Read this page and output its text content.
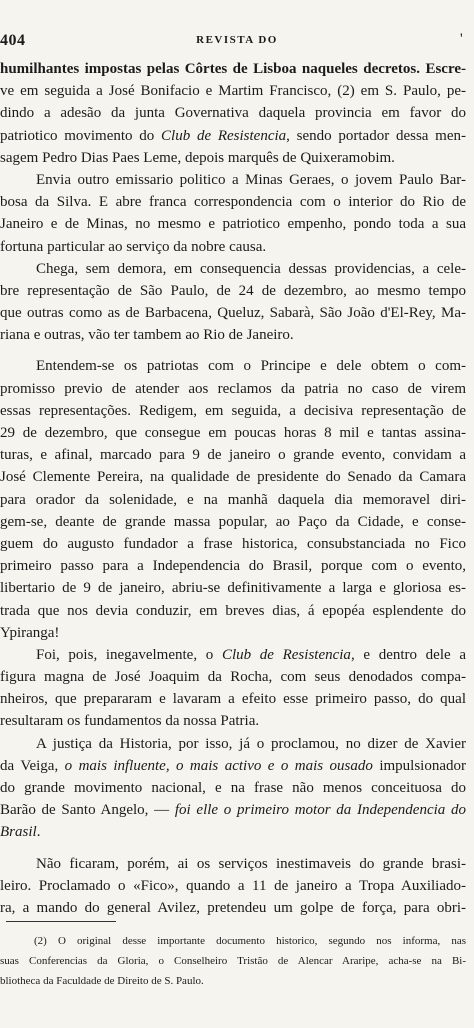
404	REVISTA DO	'
humilhantes impostas pelas Côrtes de Lisboa naqueles decretos. Escre-
ve em seguida a José Bonifacio e Martim Francisco, (2) em S. Paulo, pe-
dindo a adesão da junta Governativa daquela provincia em favor do
patriotico movimento do Club de Resistencia, sendo portador dessa men-
sagem Pedro Dias Paes Leme, depois marquês de Quixeramobim.
Envia outro emissario politico a Minas Geraes, o jovem Paulo Bar-
bosa da Silva. E abre franca correspondencia com o interior do Rio de
Janeiro e de Minas, no mesmo e patriotico empenho, pondo toda a sua
fortuna particular ao serviço da nobre causa.
Chega, sem demora, em consequencia dessas providencias, a cele-
bre representação de São Paulo, de 24 de dezembro, ao mesmo tempo
que outras como as de Barbacena, Queluz, Sabarà, São João d'El-Rey, Ma-
riana e outras, vão ter tambem ao Rio de Janeiro.
Entendem-se os patriotas com o Principe e dele obtem o com-
promisso previo de atender aos reclamos da patria no caso de virem
essas representações. Redigem, em seguida, a decisiva representação de
29 de dezembro, que consegue em poucas horas 8 mil e tantas assina-
turas, e afinal, marcado para 9 de janeiro o grande evento, convidam a
José Clemente Pereira, na qualidade de presidente do Senado da Camara
para orador da solenidade, e na manhã daquela dia memoravel diri-
gem-se, deante de grande massa popular, ao Paço da Cidade, e conse-
guem do augusto fundador a frase historica, consubstanciada no Fico
primeiro passo para a Independencia do Brasil, porque com o evento,
libertario de 9 de janeiro, abriu-se definitivamente a larga e gloriosa es-
trada que nos devia conduzir, em breves dias, á epopéa esplendente do
Ypiranga!
Foi, pois, inegavelmente, o Club de Resistencia, e dentro dele a
figura magna de José Joaquim da Rocha, com seus denodados compa-
nheiros, que prepararam e lavaram a efeito esse primeiro passo, do qual
resultaram os fundamentos da nossa Patria.
A justiça da Historia, por isso, já o proclamou, no dizer de Xavier
da Veiga, o mais influente, o mais activo e o mais ousado impulsionador
do grande movimento nacional, e na frase não menos conceituosa do
Barão de Santo Angelo, — foi elle o primeiro motor da Independencia do
Brasil.
Não ficaram, porém, ai os serviços inestimaveis do grande brasi-
leiro. Proclamado o «Fico», quando a 11 de janeiro a Tropa Auxiliado-
ra, a mando do general Avilez, pretendeu um golpe de força, para obri-
(2) O original desse importante documento historico, segundo nos informa, nas
suas Conferencias da Gloria, o Conselheiro Tristão de Alencar Araripe, acha-se na Bi-
bliotheca da Faculdade de Direito de S. Paulo.
